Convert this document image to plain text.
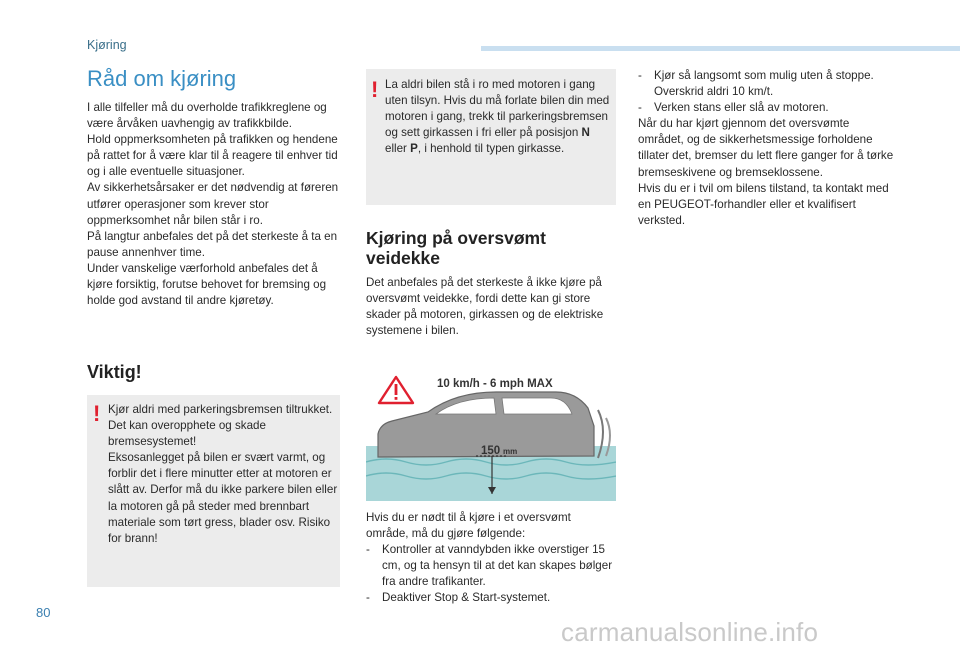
Kjøring
Råd om kjøring
I alle tilfeller må du overholde trafikkreglene og være årvåken uavhengig av trafikkbilde.
Hold oppmerksomheten på trafikken og hendene på rattet for å være klar til å reagere til enhver tid og i alle eventuelle situasjoner.
Av sikkerhetsårsaker er det nødvendig at føreren utfører operasjoner som krever stor oppmerksomhet når bilen står i ro.
På langtur anbefales det på det sterkeste å ta en pause annenhver time.
Under vanskelige værforhold anbefales det å kjøre forsiktig, forutse behovet for bremsing og holde god avstand til andre kjøretøy.
Viktig!
! Kjør aldri med parkeringsbremsen tiltrukket. Det kan overopphete og skade bremsesystemet!
Eksosanlegget på bilen er svært varmt, og forblir det i flere minutter etter at motoren er slått av. Derfor må du ikke parkere bilen eller la motoren gå på steder med brennbart materiale som tørt gress, blader osv. Risiko for brann!
! La aldri bilen stå i ro med motoren i gang uten tilsyn. Hvis du må forlate bilen din med motoren i gang, trekk til parkeringsbremsen og sett girkassen i fri eller på posisjon N eller P, i henhold til typen girkasse.
Kjøring på oversvømt veidekke
Det anbefales på det sterkeste å ikke kjøre på oversvømt veidekke, fordi dette kan gi store skader på motoren, girkassen og de elektriske systemene i bilen.
10 km/h - 6 mph MAX
150 mm
Hvis du er nødt til å kjøre i et oversvømt område, må du gjøre følgende:
-	Kontroller at vanndybden ikke overstiger 15 cm, og ta hensyn til at det kan skapes bølger fra andre trafikanter.
-	Deaktiver Stop & Start-systemet.
-	Kjør så langsomt som mulig uten å stoppe. Overskrid aldri 10 km/t.
-	Verken stans eller slå av motoren.
Når du har kjørt gjennom det oversvømte området, og de sikkerhetsmessige forholdene tillater det, bremser du lett flere ganger for å tørke bremseskivene og bremseklossene.
Hvis du er i tvil om bilens tilstand, ta kontakt med en PEUGEOT-forhandler eller et kvalifisert verksted.
80
carmanualsonline.info
